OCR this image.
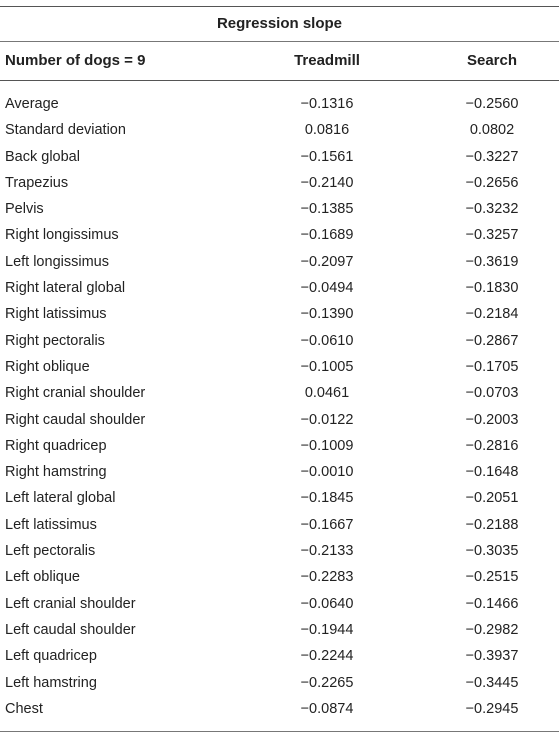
Regression slope
Number of dogs = 9	Treadmill	Search
Average	−0.1316	−0.2560
Standard deviation	0.0816	0.0802
Back global	−0.1561	−0.3227
Trapezius	−0.2140	−0.2656
Pelvis	−0.1385	−0.3232
Right longissimus	−0.1689	−0.3257
Left longissimus	−0.2097	−0.3619
Right lateral global	−0.0494	−0.1830
Right latissimus	−0.1390	−0.2184
Right pectoralis	−0.0610	−0.2867
Right oblique	−0.1005	−0.1705
Right cranial shoulder	0.0461	−0.0703
Right caudal shoulder	−0.0122	−0.2003
Right quadricep	−0.1009	−0.2816
Right hamstring	−0.0010	−0.1648
Left lateral global	−0.1845	−0.2051
Left latissimus	−0.1667	−0.2188
Left pectoralis	−0.2133	−0.3035
Left oblique	−0.2283	−0.2515
Left cranial shoulder	−0.0640	−0.1466
Left caudal shoulder	−0.1944	−0.2982
Left quadricep	−0.2244	−0.3937
Left hamstring	−0.2265	−0.3445
Chest	−0.0874	−0.2945
